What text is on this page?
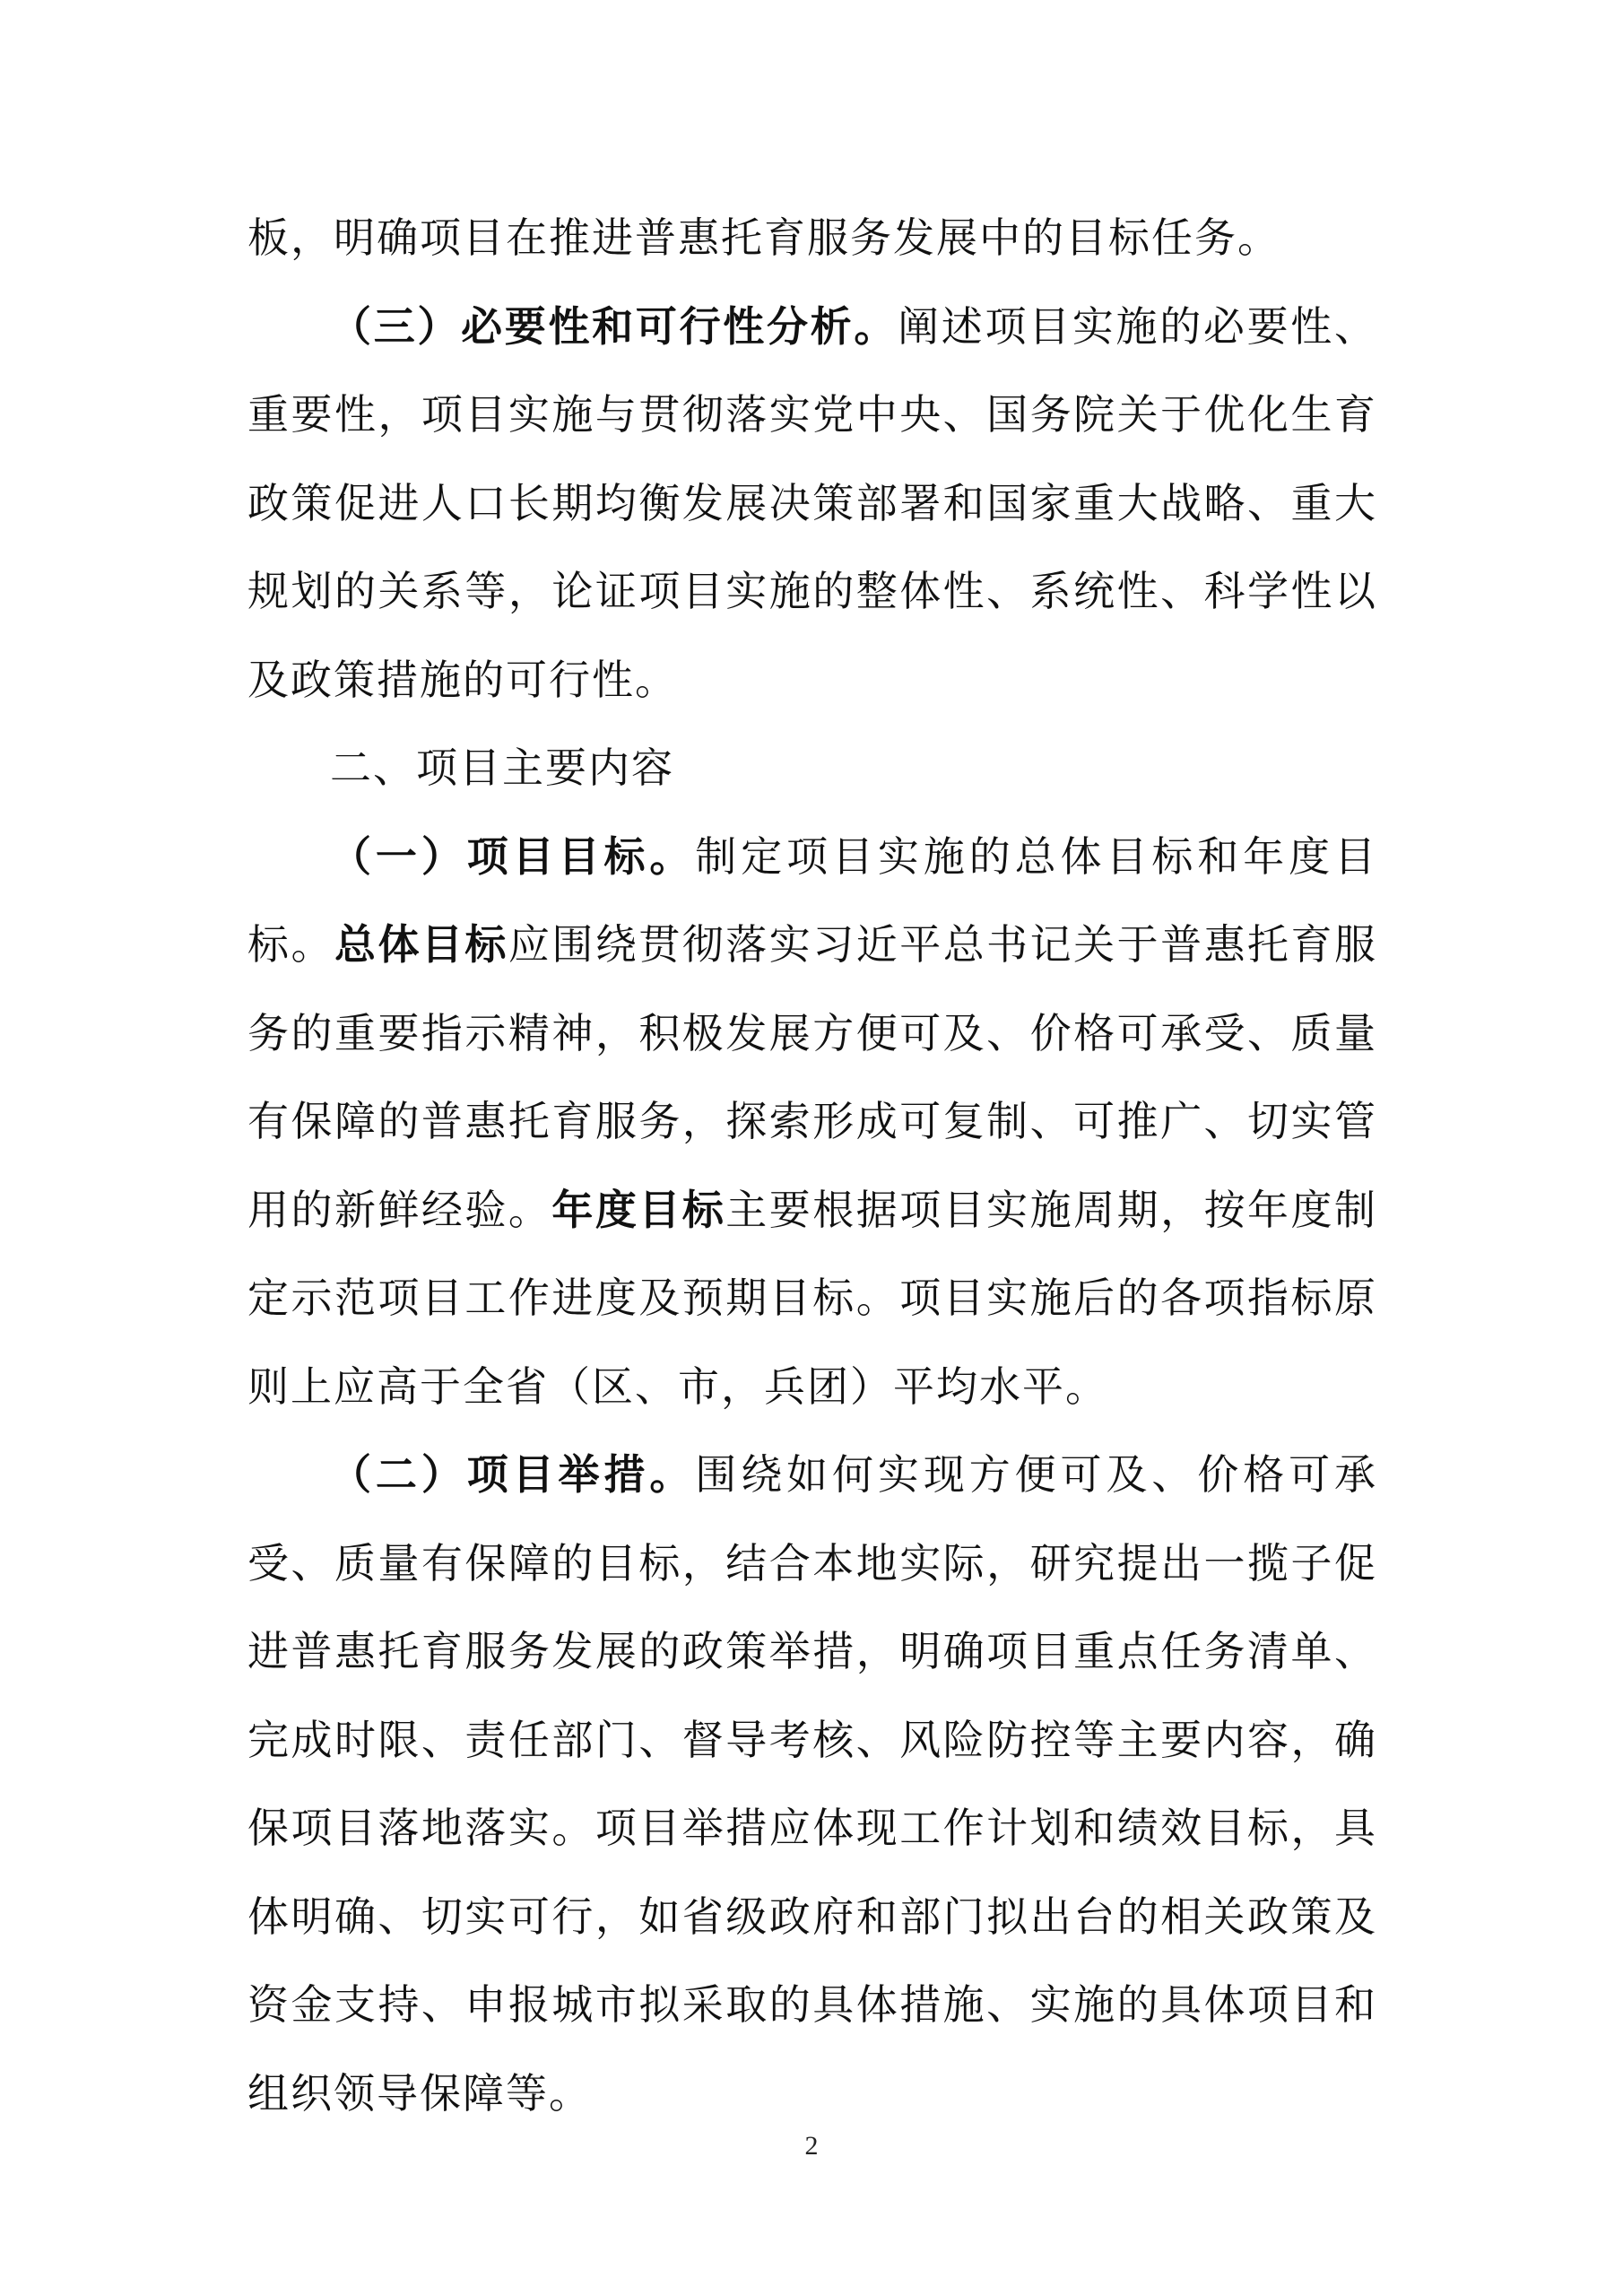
板，明确项目在推进普惠托育服务发展中的目标任务。

（三）必要性和可行性分析。阐述项目实施的必要性、重要性，项目实施与贯彻落实党中央、国务院关于优化生育政策促进人口长期均衡发展决策部署和国家重大战略、重大规划的关系等，论证项目实施的整体性、系统性、科学性以及政策措施的可行性。

二、项目主要内容

（一）项目目标。制定项目实施的总体目标和年度目标。总体目标应围绕贯彻落实习近平总书记关于普惠托育服务的重要指示精神，积极发展方便可及、价格可承受、质量有保障的普惠托育服务，探索形成可复制、可推广、切实管用的新鲜经验。年度目标主要根据项目实施周期，按年度制定示范项目工作进度及预期目标。项目实施后的各项指标原则上应高于全省（区、市，兵团）平均水平。

（二）项目举措。围绕如何实现方便可及、价格可承受、质量有保障的目标，结合本地实际，研究提出一揽子促进普惠托育服务发展的政策举措，明确项目重点任务清单、完成时限、责任部门、督导考核、风险防控等主要内容，确保项目落地落实。项目举措应体现工作计划和绩效目标，具体明确、切实可行，如省级政府和部门拟出台的相关政策及资金支持、申报城市拟采取的具体措施、实施的具体项目和组织领导保障等。

2
